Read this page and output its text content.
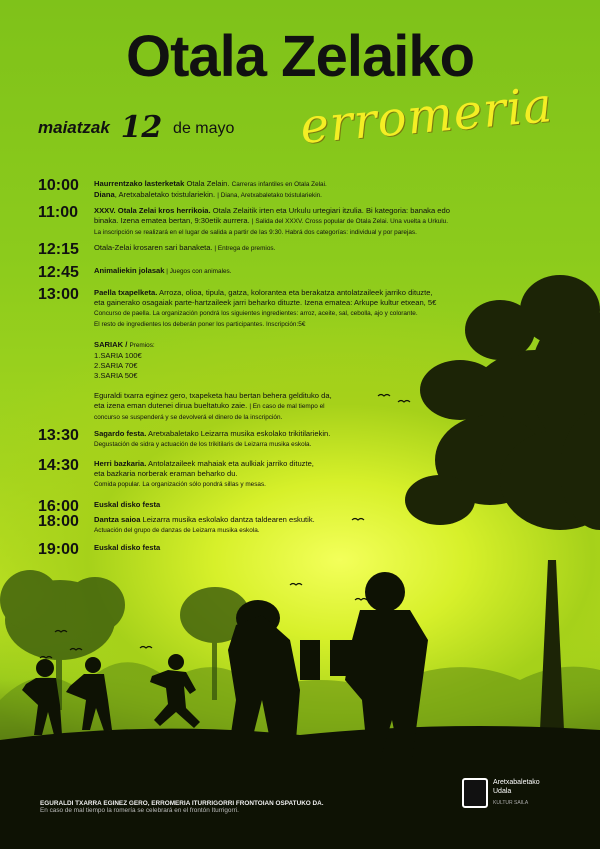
Otala Zelaiko
maiatzak 12 de mayo erromeria
10:00	Haurrentzako lasterketak Otala Zelain. Carreras infantiles en Otala Zelai.
Diana, Aretxabaletako txistulariekin. | Diana, Aretxabaletako txistulariekin.
11:00	XXXV. Otala Zelai kros herrikoia. Otala Zelaitik irten eta Urkulu urtegiari itzulia. Bi kategoria: banaka edo
binaka. Izena ematea bertan, 9:30etik aurrera. | Salida del XXXV. Cross popular de Otala Zelai. Una vuelta a Urkulu.
La inscripción se realizará en el lugar de salida a partir de las 9:30. Habrá dos categorías: individual y por parejas.
12:15	Otala-Zelai krosaren sari banaketa. | Entrega de premios.
12:45	Animaliekin jolasak | Juegos con animales.
13:00	Paella txapelketa. Arroza, olioa, tipula, gatza, kolorantea eta berakatza antolatzaileek jarriko dituzte,
eta gainerako osagaiak parte-hartzaileek jarri beharko dituzte. Izena ematea: Arkupe kultur etxean, 5€
Concurso de paella. La organización pondrá los siguientes ingredientes: arroz, aceite, sal, cebolla, ajo y colorante.
El resto de ingredientes los deberán poner los participantes. Inscripción:5€
SARIAK / Premios:
1.SARIA 100€
2.SARIA 70€
3.SARIA 50€
Eguraldi txarra eginez gero, txapeketa hau bertan behera geldituko da,
eta izena eman dutenei dirua bueltatuko zaie. | En caso de mal tiempo el
concurso se suspenderá y se devolverá el dinero de la inscripción.
13:30	Sagardo festa. Aretxabaletako Leizarra musika eskolako trikitilariekin.
Degustación de sidra y actuación de los trikitilaris de Leizarra musika eskola.
14:30	Herri bazkaria. Antolatzaileek mahaiak eta aulkiak jarriko dituzte,
eta bazkaria norberak eraman beharko du.
Comida popular. La organización sólo pondrá sillas y mesas.
16:00	Euskal disko festa
18:00	Dantza saioa Leizarra musika eskolako dantza taldearen eskutik.
Actuación del grupo de danzas de Leizarra musika eskola.
19:00	Euskal disko festa
EGURALDI TXARRA EGINEZ GERO, ERROMERIA ITURRIGORRI FRONTOIAN OSPATUKO DA.
En caso de mal tiempo la romería se celebrará en el frontón Iturrigorri.
Aretxabaletako
Udala
KULTUR SAILA
